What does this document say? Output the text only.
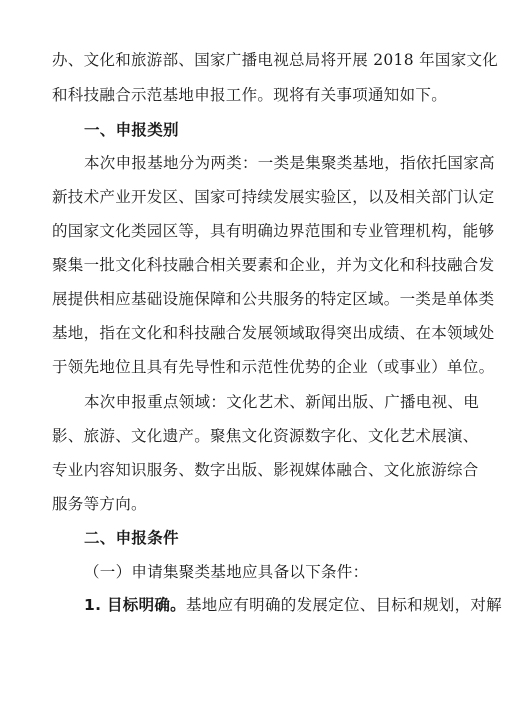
办、文化和旅游部、国家广播电视总局将开展 2018 年国家文化
和科技融合示范基地申报工作。现将有关事项通知如下。
一、申报类别
本次申报基地分为两类：一类是集聚类基地，指依托国家高
新技术产业开发区、国家可持续发展实验区，以及相关部门认定
的国家文化类园区等，具有明确边界范围和专业管理机构，能够
聚集一批文化科技融合相关要素和企业，并为文化和科技融合发
展提供相应基础设施保障和公共服务的特定区域。一类是单体类
基地，指在文化和科技融合发展领域取得突出成绩、在本领域处
于领先地位且具有先导性和示范性优势的企业（或事业）单位。
本次申报重点领域：文化艺术、新闻出版、广播电视、电
影、旅游、文化遗产。聚焦文化资源数字化、文化艺术展演、
专业内容知识服务、数字出版、影视媒体融合、文化旅游综合
服务等方向。
二、申报条件
（一）申请集聚类基地应具备以下条件：
1. 目标明确。基地应有明确的发展定位、目标和规划，对解
